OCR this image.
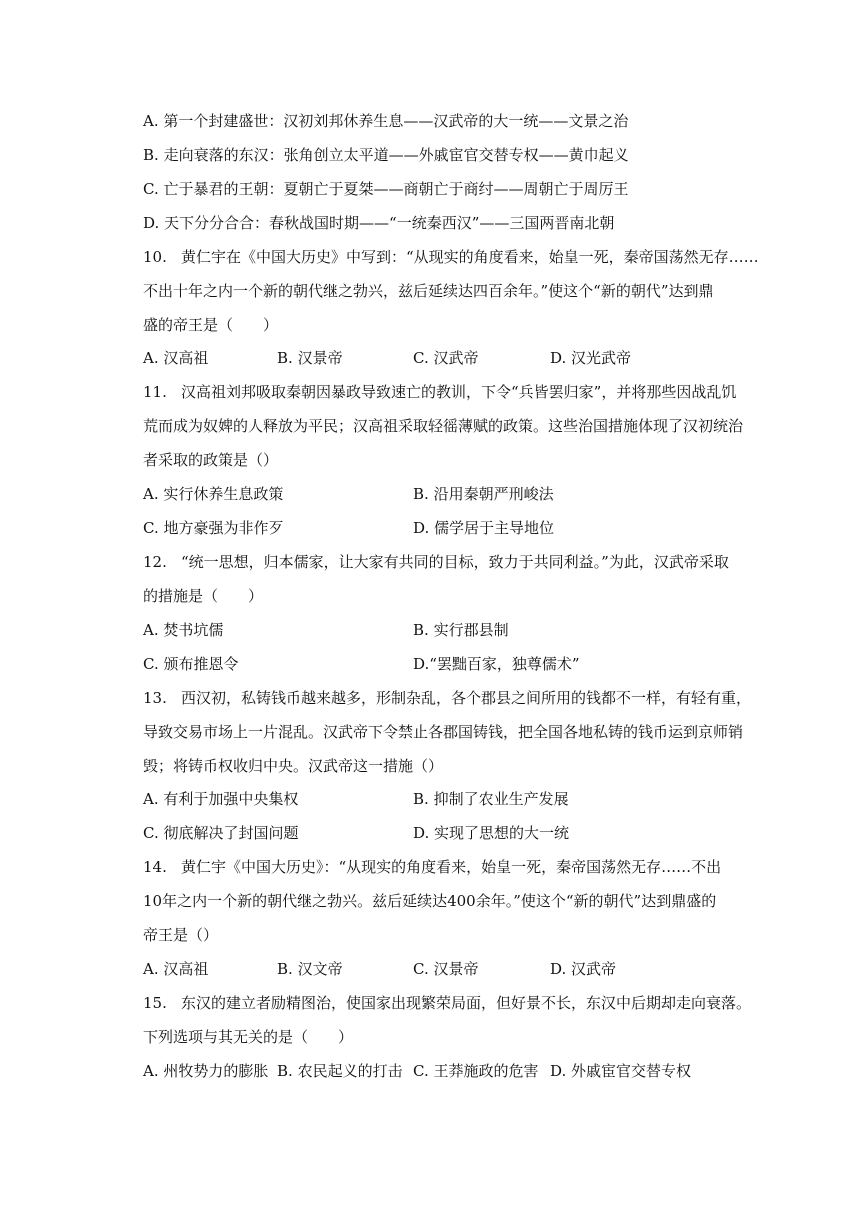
A. 第一个封建盛世：汉初刘邦休养生息——汉武帝的大一统——文景之治
B. 走向衰落的东汉：张角创立太平道——外戚宦官交替专权——黄巾起义
C. 亡于暴君的王朝：夏朝亡于夏桀——商朝亡于商纣——周朝亡于周厉王
D. 天下分分合合：春秋战国时期——“一统秦西汉”——三国两晋南北朝
10. 黄仁宇在《中国大历史》中写到：“从现实的角度看来，始皇一死，秦帝国荡然无存……
不出十年之内一个新的朝代继之勃兴，兹后延续达四百余年。”使这个“新的朝代”达到鼎
盛的帝王是（　　）
A. 汉高祖	B. 汉景帝	C. 汉武帝	D. 汉光武帝
11. 汉高祖刘邦吸取秦朝因暴政导致速亡的教训，下令“兵皆罢归家”，并将那些因战乱饥
荒而成为奴婢的人释放为平民；汉高祖采取轻徭薄赋的政策。这些治国措施体现了汉初统治
者采取的政策是（）
A. 实行休养生息政策	B. 沿用秦朝严刑峻法
C. 地方豪强为非作歹	D. 儒学居于主导地位
12. “统一思想，归本儒家，让大家有共同的目标，致力于共同利益。”为此，汉武帝采取
的措施是（　　）
A. 焚书坑儒	B. 实行郡县制
C. 颁布推恩令	D.“罢黜百家，独尊儒术”
13. 西汉初，私铸钱币越来越多，形制杂乱，各个郡县之间所用的钱都不一样，有轻有重，
导致交易市场上一片混乱。汉武帝下令禁止各郡国铸钱，把全国各地私铸的钱币运到京师销
毁；将铸币权收归中央。汉武帝这一措施（）
A. 有利于加强中央集权	B. 抑制了农业生产发展
C. 彻底解决了封国问题	D. 实现了思想的大一统
14. 黄仁宇《中国大历史》：“从现实的角度看来，始皇一死，秦帝国荡然无存……不出
10年之内一个新的朝代继之勃兴。兹后延续达400余年。”使这个“新的朝代”达到鼎盛的
帝王是（）
A. 汉高祖	B. 汉文帝	C. 汉景帝	D. 汉武帝
15. 东汉的建立者励精图治，使国家出现繁荣局面，但好景不长，东汉中后期却走向衰落。
下列选项与其无关的是（　　）
A. 州牧势力的膨胀 B. 农民起义的打击 C. 王莽施政的危害 D. 外戚宦官交替专权
